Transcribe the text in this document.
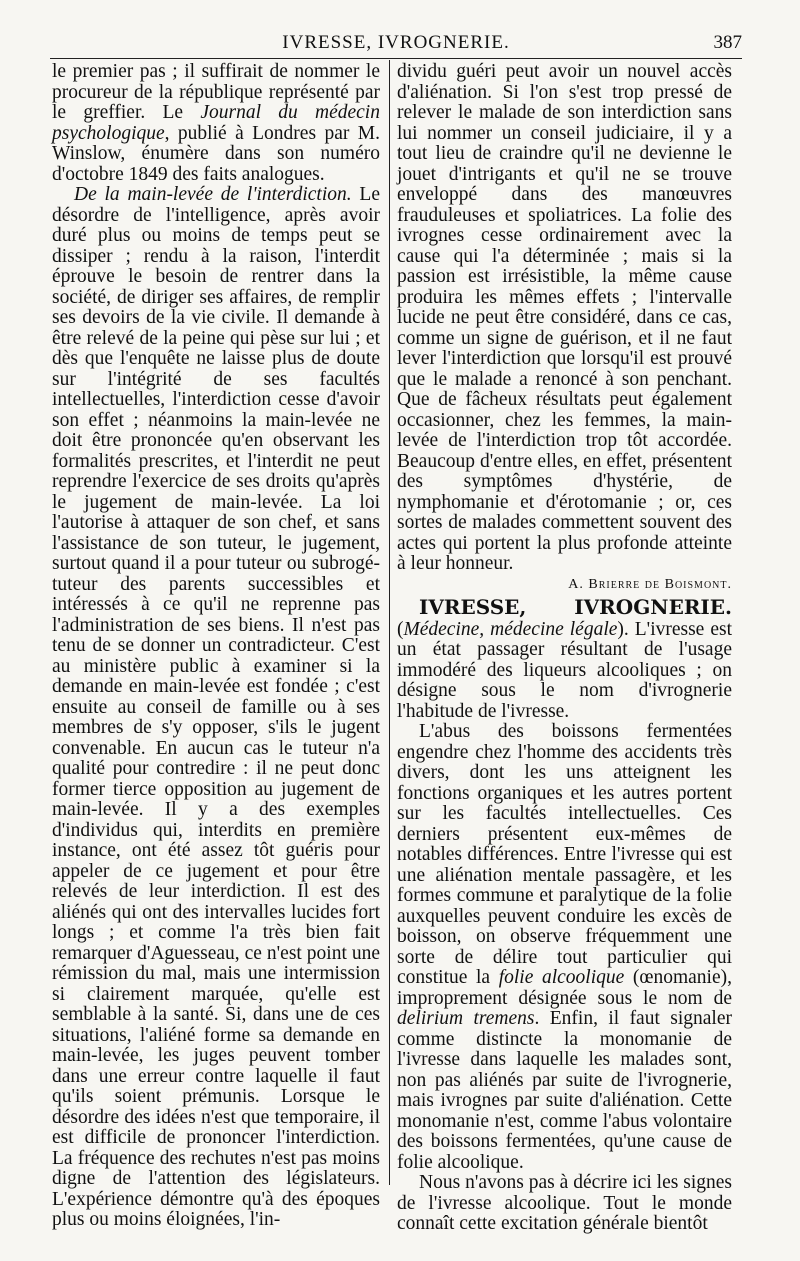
IVRESSE, IVROGNERIE.	387

le premier pas ; il suffirait de nommer le procureur de la république représenté par le greffier. Le Journal du médecin psychologique, publié à Londres par M. Winslow, énumère dans son numéro d'octobre 1849 des faits analogues.

De la main-levée de l'interdiction. Le désordre de l'intelligence, après avoir duré plus ou moins de temps peut se dissiper ; rendu à la raison, l'interdit éprouve le besoin de rentrer dans la société, de diriger ses affaires, de remplir ses devoirs de la vie civile. Il demande à être relevé de la peine qui pèse sur lui ; et dès que l'enquête ne laisse plus de doute sur l'intégrité de ses facultés intellectuelles, l'interdiction cesse d'avoir son effet ; néanmoins la main-levée ne doit être prononcée qu'en observant les formalités prescrites, et l'interdit ne peut reprendre l'exercice de ses droits qu'après le jugement de main-levée. La loi l'autorise à attaquer de son chef, et sans l'assistance de son tuteur, le jugement, surtout quand il a pour tuteur ou subrogé-tuteur des parents successibles et intéressés à ce qu'il ne reprenne pas l'administration de ses biens. Il n'est pas tenu de se donner un contradicteur. C'est au ministère public à examiner si la demande en main-levée est fondée ; c'est ensuite au conseil de famille ou à ses membres de s'y opposer, s'ils le jugent convenable. En aucun cas le tuteur n'a qualité pour contredire : il ne peut donc former tierce opposition au jugement de main-levée. Il y a des exemples d'individus qui, interdits en première instance, ont été assez tôt guéris pour appeler de ce jugement et pour être relevés de leur interdiction. Il est des aliénés qui ont des intervalles lucides fort longs ; et comme l'a très bien fait remarquer d'Aguesseau, ce n'est point une rémission du mal, mais une intermission si clairement marquée, qu'elle est semblable à la santé. Si, dans une de ces situations, l'aliéné forme sa demande en main-levée, les juges peuvent tomber dans une erreur contre laquelle il faut qu'ils soient prémunis. Lorsque le désordre des idées n'est que temporaire, il est difficile de prononcer l'interdiction. La fréquence des rechutes n'est pas moins digne de l'attention des législateurs. L'expérience démontre qu'à des époques plus ou moins éloignées, l'in-

dividu guéri peut avoir un nouvel accès d'aliénation. Si l'on s'est trop pressé de relever le malade de son interdiction sans lui nommer un conseil judiciaire, il y a tout lieu de craindre qu'il ne devienne le jouet d'intrigants et qu'il ne se trouve enveloppé dans des manœuvres frauduleuses et spoliatrices. La folie des ivrognes cesse ordinairement avec la cause qui l'a déterminée ; mais si la passion est irrésistible, la même cause produira les mêmes effets ; l'intervalle lucide ne peut être considéré, dans ce cas, comme un signe de guérison, et il ne faut lever l'interdiction que lorsqu'il est prouvé que le malade a renoncé à son penchant. Que de fâcheux résultats peut également occasionner, chez les femmes, la main-levée de l'interdiction trop tôt accordée. Beaucoup d'entre elles, en effet, présentent des symptômes d'hystérie, de nymphomanie et d'érotomanie ; or, ces sortes de malades commettent souvent des actes qui portent la plus profonde atteinte à leur honneur.

A. Brierre de Boismont.

IVRESSE, IVROGNERIE. (Médecine, médecine légale). L'ivresse est un état passager résultant de l'usage immodéré des liqueurs alcooliques ; on désigne sous le nom d'ivrognerie l'habitude de l'ivresse.

L'abus des boissons fermentées engendre chez l'homme des accidents très divers, dont les uns atteignent les fonctions organiques et les autres portent sur les facultés intellectuelles. Ces derniers présentent eux-mêmes de notables différences. Entre l'ivresse qui est une aliénation mentale passagère, et les formes commune et paralytique de la folie auxquelles peuvent conduire les excès de boisson, on observe fréquemment une sorte de délire tout particulier qui constitue la folie alcoolique (œnomanie), improprement désignée sous le nom de delirium tremens. Enfin, il faut signaler comme distincte la monomanie de l'ivresse dans laquelle les malades sont, non pas aliénés par suite de l'ivrognerie, mais ivrognes par suite d'aliénation. Cette monomanie n'est, comme l'abus volontaire des boissons fermentées, qu'une cause de folie alcoolique.

Nous n'avons pas à décrire ici les signes de l'ivresse alcoolique. Tout le monde connaît cette excitation générale bientôt
